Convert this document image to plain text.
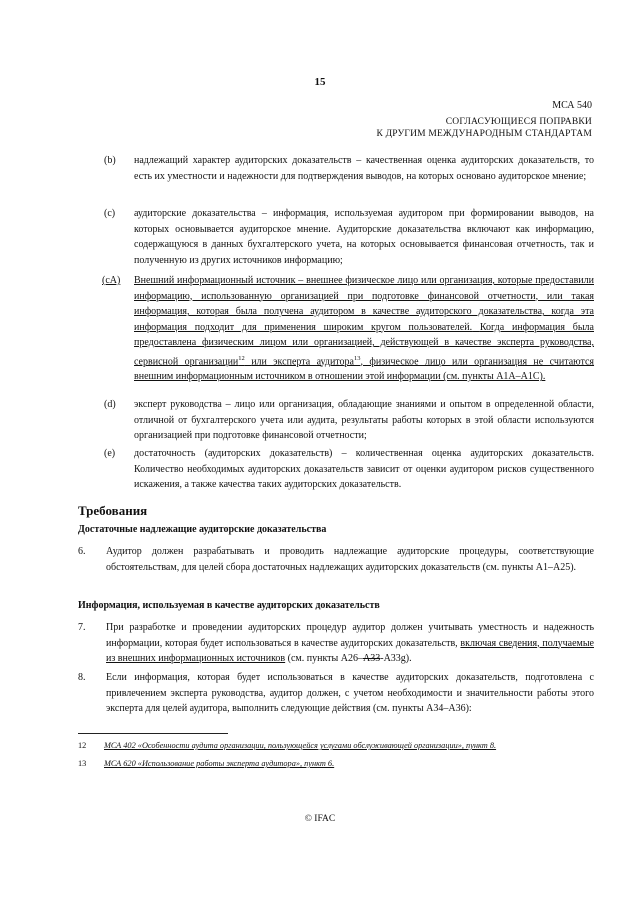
15
МСА 540
СОГЛАСУЮЩИЕСЯ ПОПРАВКИ
К ДРУГИМ МЕЖДУНАРОДНЫМ СТАНДАРТАМ
(b) надлежащий характер аудиторских доказательств – качественная оценка аудиторских доказательств, то есть их уместности и надежности для подтверждения выводов, на которых основано аудиторское мнение;
(c) аудиторские доказательства – информация, используемая аудитором при формировании выводов, на которых основывается аудиторское мнение. Аудиторские доказательства включают как информацию, содержащуюся в данных бухгалтерского учета, на которых основывается финансовая отчетность, так и полученную из других источников информацию;
(cA) Внешний информационный источник – внешнее физическое лицо или организация, которые предоставили информацию, использованную организацией при подготовке финансовой отчетности, или такая информация, которая была получена аудитором в качестве аудиторского доказательства, когда эта информация подходит для применения широким кругом пользователей. Когда информация была предоставлена физическим лицом или организацией, действующей в качестве эксперта руководства, сервисной организации$^{12}$ или эксперта аудитора$^{13}$, физическое лицо или организация не считаются внешним информационным источником в отношении этой информации (см. пункты А1А–А1С).
(d) эксперт руководства – лицо или организация, обладающие знаниями и опытом в определенной области, отличной от бухгалтерского учета или аудита, результаты работы которых в этой области используются организацией при подготовке финансовой отчетности;
(e) достаточность (аудиторских доказательств) – количественная оценка аудиторских доказательств. Количество необходимых аудиторских доказательств зависит от оценки аудитором рисков существенного искажения, а также качества таких аудиторских доказательств.
Требования
Достаточные надлежащие аудиторские доказательства
6. Аудитор должен разрабатывать и проводить надлежащие аудиторские процедуры, соответствующие обстоятельствам, для целей сбора достаточных надлежащих аудиторских доказательств (см. пункты А1–А25).
Информация, используемая в качестве аудиторских доказательств
7. При разработке и проведении аудиторских процедур аудитор должен учитывать уместность и надежность информации, которая будет использоваться в качестве аудиторских доказательств, включая сведения, получаемые из внешних информационных источников (см. пункты А26–А33-А33g).
8. Если информация, которая будет использоваться в качестве аудиторских доказательств, подготовлена с привлечением эксперта руководства, аудитор должен, с учетом необходимости и значительности работы этого эксперта для целей аудитора, выполнить следующие действия (см. пункты А34–А36):
12 МСА 402 «Особенности аудита организации, пользующейся услугами обслуживающей организации», пункт 8.
13 МСА 620 «Использование работы эксперта аудитора», пункт 6.
© IFAC
